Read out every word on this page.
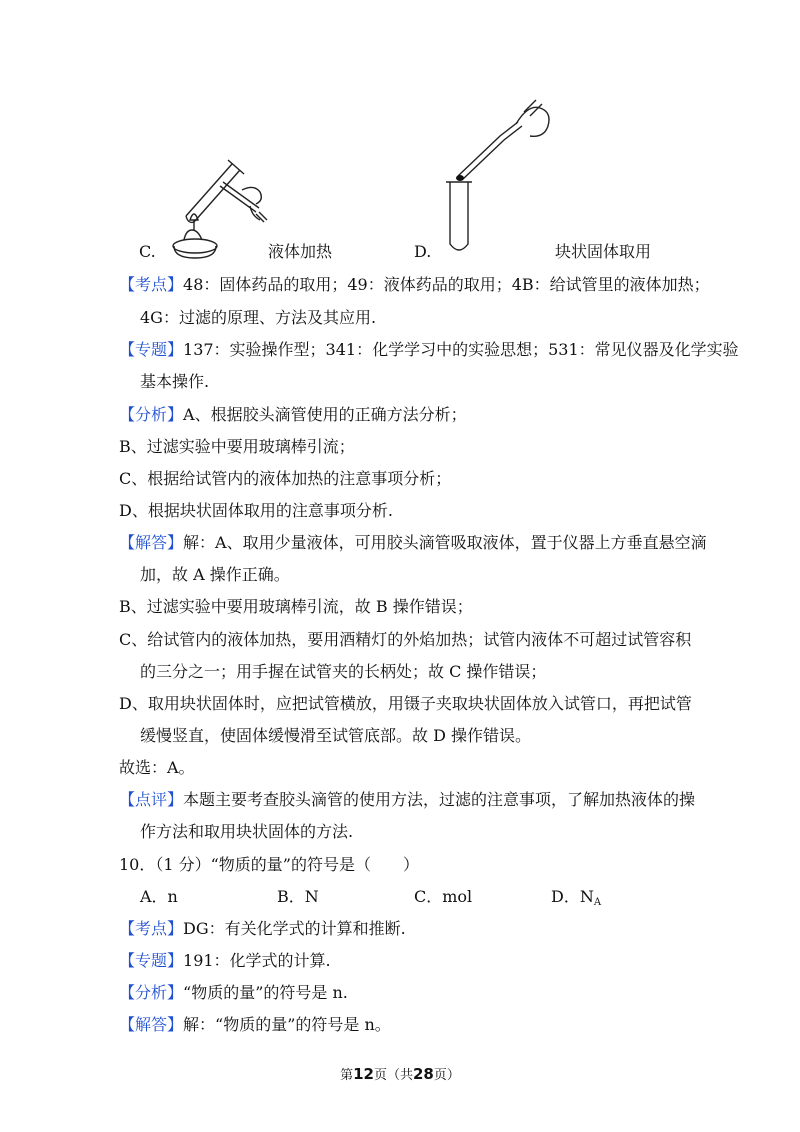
C.	液体加热	D.	块状固体取用
【考点】48：固体药品的取用；49：液体药品的取用；4B：给试管里的液体加热；
4G：过滤的原理、方法及其应用.
【专题】137：实验操作型；341：化学学习中的实验思想；531：常见仪器及化学实验
基本操作.
【分析】A、根据胶头滴管使用的正确方法分析；
B、过滤实验中要用玻璃棒引流；
C、根据给试管内的液体加热的注意事项分析；
D、根据块状固体取用的注意事项分析.
【解答】解：A、取用少量液体，可用胶头滴管吸取液体，置于仪器上方垂直悬空滴
加，故 A 操作正确。
B、过滤实验中要用玻璃棒引流，故 B 操作错误；
C、给试管内的液体加热，要用酒精灯的外焰加热；试管内液体不可超过试管容积
的三分之一；用手握在试管夹的长柄处；故 C 操作错误；
D、取用块状固体时，应把试管横放，用镊子夹取块状固体放入试管口，再把试管
缓慢竖直，使固体缓慢滑至试管底部。故 D 操作错误。
故选：A。
【点评】本题主要考查胶头滴管的使用方法，过滤的注意事项，了解加热液体的操
作方法和取用块状固体的方法.
10．（1 分）“物质的量”的符号是（　　）
A．n	B．N	C．mol	D．$N_A$
【考点】DG：有关化学式的计算和推断.
【专题】191：化学式的计算.
【分析】“物质的量”的符号是 n.
【解答】解：“物质的量”的符号是 n。
第12页（共28页）
